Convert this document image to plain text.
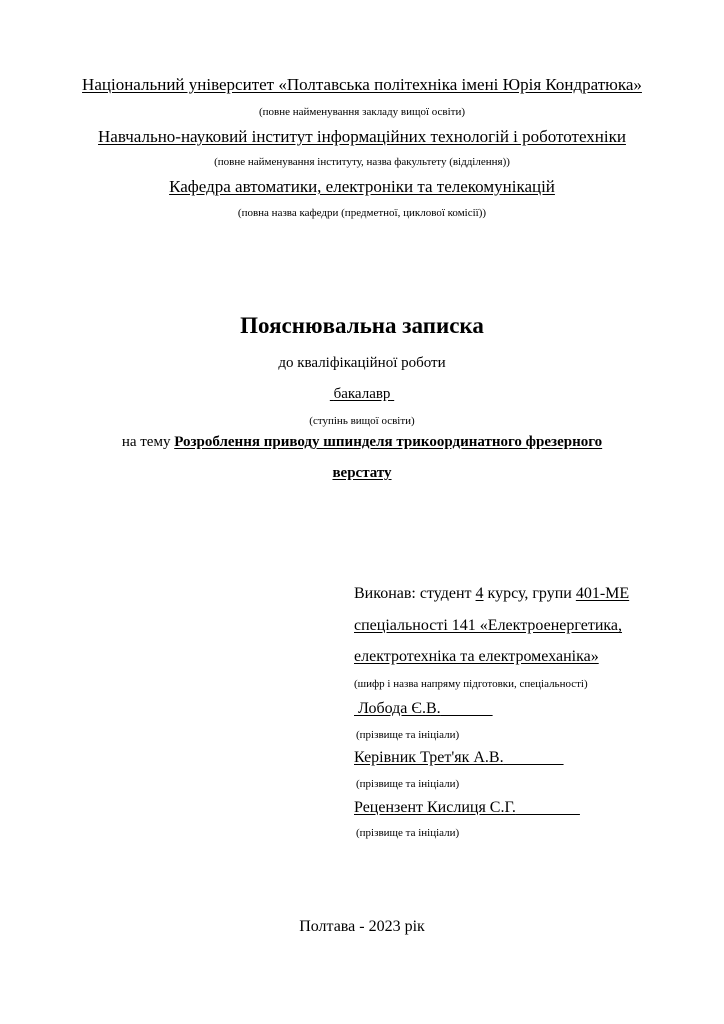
Національний університет «Полтавська політехніка імені Юрія Кондратюка»
(повне найменування закладу вищої освіти)
Навчально-науковий інститут інформаційних технологій і робототехніки
(повне найменування інституту, назва факультету (відділення))
Кафедра автоматики, електроніки та телекомунікацій
(повна назва кафедри (предметної, циклової комісії))
Пояснювальна записка
до кваліфікаційної роботи
бакалавр
(ступінь вищої освіти)
на тему Розроблення приводу шпинделя трикоординатного фрезерного
верстату
Виконав: студент 4 курсу, групи 401-МЕ
спеціальності 141 «Електроенергетика,
електротехніка та електромеханіка»
(шифр і назва напряму підготовки, спеціальності)
Лобода Є.В.
(прізвище та ініціали)
Керівник Трет'як А.В.
(прізвище та ініціали)
Рецензент Кислиця С.Г.
(прізвище та ініціали)
Полтава - 2023 рік
